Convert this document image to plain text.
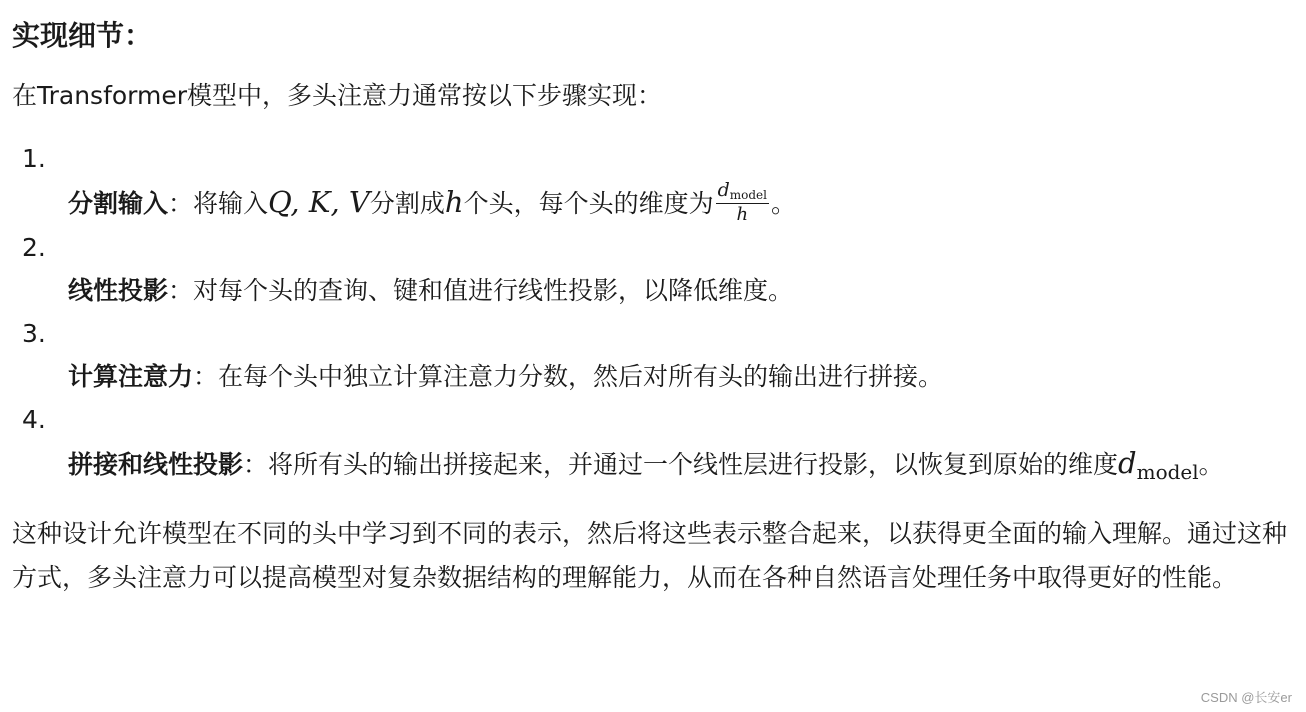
实现细节：
在Transformer模型中，多头注意力通常按以下步骤实现：
1.
分割输入：将输入Q, K, V分割成h个头，每个头的维度为 $\frac{\text{dmodel}}{h}$ 。
2.
线性投影：对每个头的查询、键和值进行线性投影，以降低维度。
3.
计算注意力：在每个头中独立计算注意力分数，然后对所有头的输出进行拼接。
4.
拼接和线性投影：将所有头的输出拼接起来，并通过一个线性层进行投影，以恢复到原始的维度$d_{model}$。
这种设计允许模型在不同的头中学习到不同的表示，然后将这些表示整合起来，以获得更全面的输入理解。通过这种方式，多头注意力可以提高模型对复杂数据结构的理解能力，从而在各种自然语言处理任务中取得更好的性能。
CSDN @长安er
